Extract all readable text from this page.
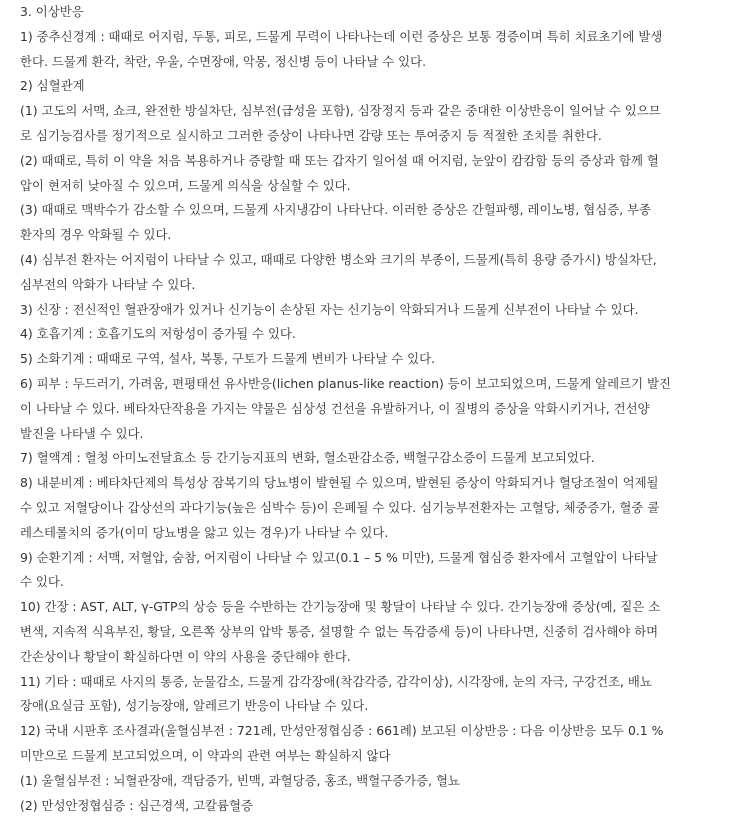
3. 이상반응
1) 중추신경계 : 때때로 어지럼, 두통, 피로, 드물게 무력이 나타나는데 이런 증상은 보통 경증이며 특히 치료초기에 발생
한다. 드물게 환각, 착란, 우울, 수면장애, 악몽, 정신병 등이 나타날 수 있다.
2) 심혈관계
(1) 고도의 서맥, 쇼크, 완전한 방실차단, 심부전(급성을 포함), 심장정지 등과 같은 중대한 이상반응이 일어날 수 있으므
로 심기능검사를 정기적으로 실시하고 그러한 증상이 나타나면 감량 또는 투여중지 등 적절한 조치를 취한다.
(2) 때때로, 특히 이 약을 처음 복용하거나 증량할 때 또는 갑자기 일어설 때 어지럼, 눈앞이 캄캄함 등의 증상과 함께 혈
압이 현저히 낮아질 수 있으며, 드물게 의식을 상실할 수 있다.
(3) 때때로 맥박수가 감소할 수 있으며, 드물게 사지냉감이 나타난다. 이러한 증상은 간헐파행, 레이노병, 협심증, 부종
환자의 경우 악화될 수 있다.
(4) 심부전 환자는 어지럼이 나타날 수 있고, 때때로 다양한 병소와 크기의 부종이, 드물게(특히 용량 증가시) 방실차단,
심부전의 악화가 나타날 수 있다.
3) 신장 : 전신적인 혈관장애가 있거나 신기능이 손상된 자는 신기능이 악화되거나 드물게 신부전이 나타날 수 있다.
4) 호흡기계 : 호흡기도의 저항성이 증가될 수 있다.
5) 소화기계 : 때때로 구역, 설사, 복통, 구토가 드물게 변비가 나타날 수 있다.
6) 피부 : 두드러기, 가려움, 편평태선 유사반응(lichen planus-like reaction) 등이 보고되었으며, 드물게 알레르기 발진
이 나타날 수 있다. 베타차단작용을 가지는 약물은 심상성 건선을 유발하거나, 이 질병의 증상을 악화시키거나, 건선양
발진을 나타낼 수 있다.
7) 혈액계 : 혈청 아미노전달효소 등 간기능지표의 변화, 혈소판감소증, 백혈구감소증이 드물게 보고되었다.
8) 내분비계 : 베타차단제의 특성상 잠복기의 당뇨병이 발현될 수 있으며, 발현된 증상이 악화되거나 혈당조절이 억제될
수 있고 저혈당이나 갑상선의 과다기능(높은 심박수 등)이 은폐될 수 있다. 심기능부전환자는 고혈당, 체중증가, 혈중 콜
레스테롤치의 증가(이미 당뇨병을 앓고 있는 경우)가 나타날 수 있다.
9) 순환기계 : 서맥, 저혈압, 숨참, 어지럼이 나타날 수 있고(0.1 – 5 % 미만), 드물게 협심증 환자에서 고혈압이 나타날
수 있다.
10) 간장 : AST, ALT, γ-GTP의 상승 등을 수반하는 간기능장애 및 황달이 나타날 수 있다. 간기능장애 증상(예, 짙은 소
변색, 지속적 식욕부진, 황달, 오른쪽 상부의 압박 통증, 설명할 수 없는 독감증세 등)이 나타나면, 신중히 검사해야 하며
간손상이나 황달이 확실하다면 이 약의 사용을 중단해야 한다.
11) 기타 : 때때로 사지의 통증, 눈물감소, 드물게 감각장애(착감각증, 감각이상), 시각장애, 눈의 자극, 구강건조, 배뇨
장애(요실금 포함), 성기능장애, 알레르기 반응이 나타날 수 있다.
12) 국내 시판후 조사결과(울혈심부전 : 721례, 만성안정협심증 : 661례) 보고된 이상반응 : 다음 이상반응 모두 0.1 %
미만으로 드물게 보고되었으며, 이 약과의 관련 여부는 확실하지 않다
(1) 울혈심부전 : 뇌혈관장애, 객담증가, 빈맥, 과혈당증, 홍조, 백혈구증가증, 혈뇨
(2) 만성안정협심증 : 심근경색, 고칼륨혈증
